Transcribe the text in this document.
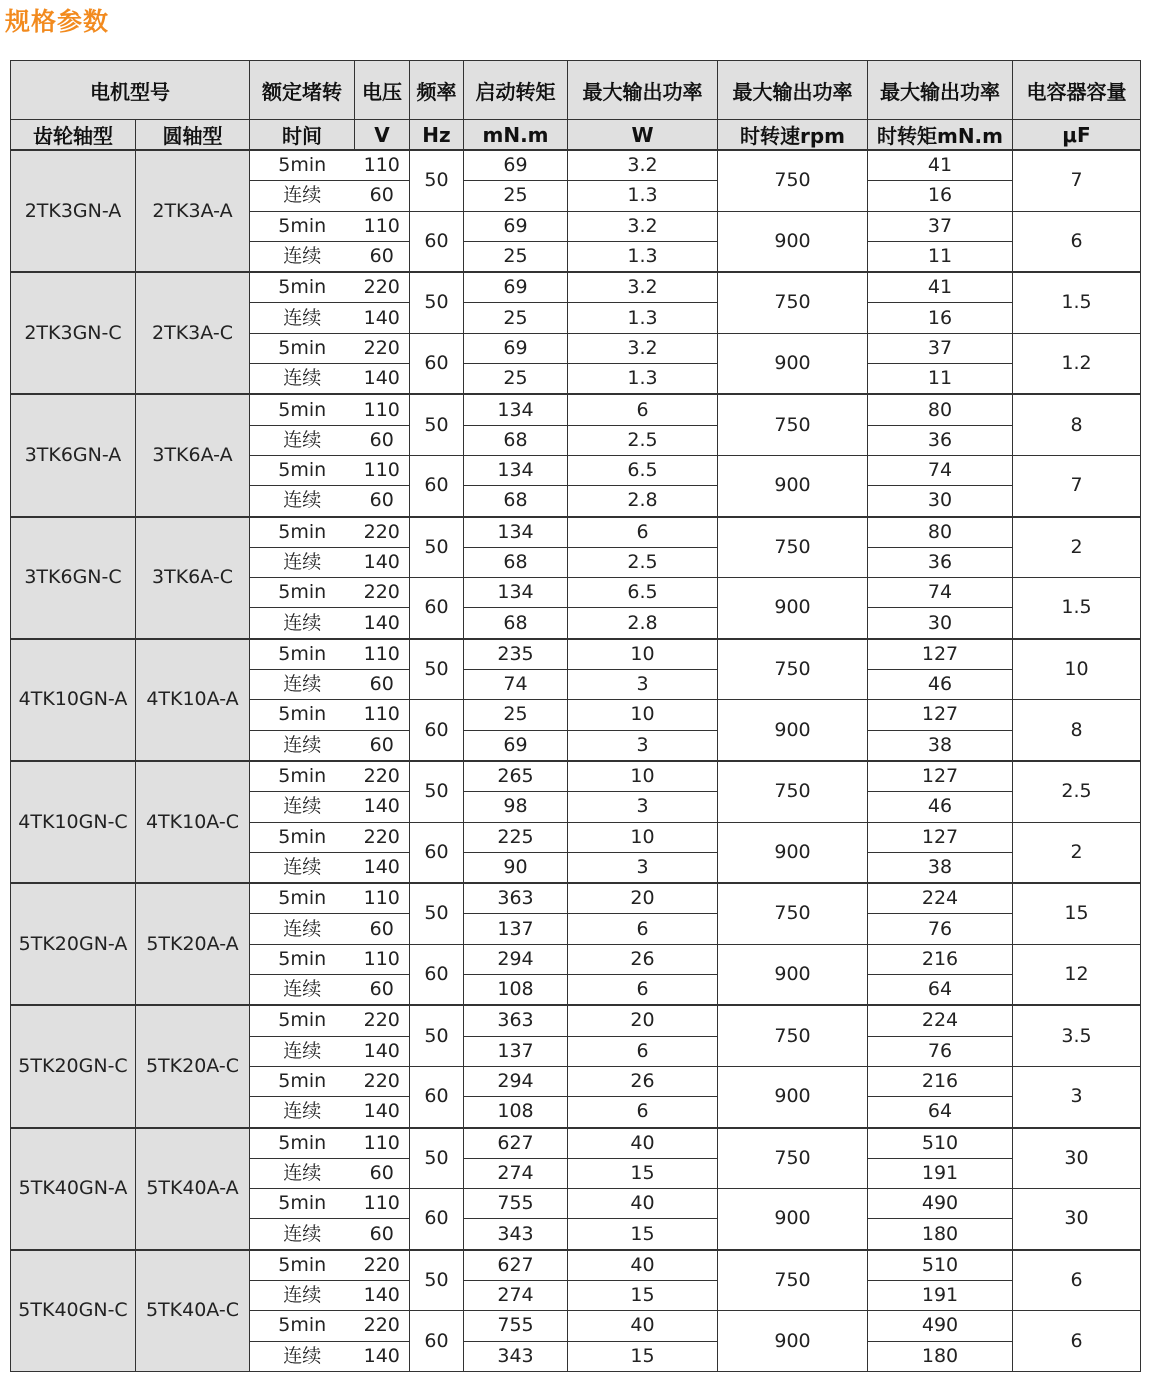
规格参数
电机型号		额定堵转	电压	频率	启动转矩	最大输出功率	最大输出功率	最大输出功率	电容器容量
齿轮轴型	圆轴型	时间	V	Hz	mN.m	W	时转速rpm	时转矩mN.m	μF
2TK3GN-A	2TK3A-A	5min	110	50	69	3.2	750	41	7
		连续	60		25	1.3		16	
		5min	110	60	69	3.2	900	37	6
		连续	60		25	1.3		11	
2TK3GN-C	2TK3A-C	5min	220	50	69	3.2	750	41	1.5
		连续	140		25	1.3		16	
		5min	220	60	69	3.2	900	37	1.2
		连续	140		25	1.3		11	
3TK6GN-A	3TK6A-A	5min	110	50	134	6	750	80	8
		连续	60		68	2.5		36	
		5min	110	60	134	6.5	900	74	7
		连续	60		68	2.8		30	
3TK6GN-C	3TK6A-C	5min	220	50	134	6	750	80	2
		连续	140		68	2.5		36	
		5min	220	60	134	6.5	900	74	1.5
		连续	140		68	2.8		30	
4TK10GN-A	4TK10A-A	5min	110	50	235	10	750	127	10
		连续	60		74	3		46	
		5min	110	60	25	10	900	127	8
		连续	60		69	3		38	
4TK10GN-C	4TK10A-C	5min	220	50	265	10	750	127	2.5
		连续	140		98	3		46	
		5min	220	60	225	10	900	127	2
		连续	140		90	3		38	
5TK20GN-A	5TK20A-A	5min	110	50	363	20	750	224	15
		连续	60		137	6		76	
		5min	110	60	294	26	900	216	12
		连续	60		108	6		64	
5TK20GN-C	5TK20A-C	5min	220	50	363	20	750	224	3.5
		连续	140		137	6		76	
		5min	220	60	294	26	900	216	3
		连续	140		108	6		64	
5TK40GN-A	5TK40A-A	5min	110	50	627	40	750	510	30
		连续	60		274	15		191	
		5min	110	60	755	40	900	490	30
		连续	60		343	15		180	
5TK40GN-C	5TK40A-C	5min	220	50	627	40	750	510	6
		连续	140		274	15		191	
		5min	220	60	755	40	900	490	6
		连续	140		343	15		180	
